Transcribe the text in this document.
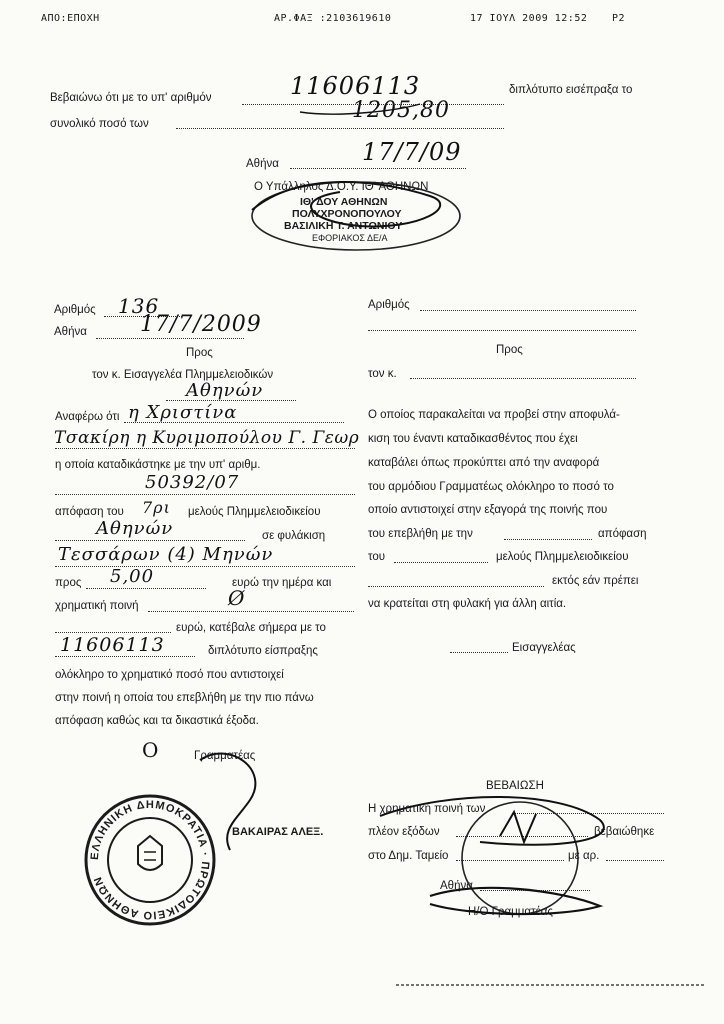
ΑΠΟ:ΕΠΟΧΗ	ΑΡ.ΦΑΞ :2103619610	17 ΙΟΥΛ 2009 12:52 P2
Βεβαιώνω ότι με το υπ' αριθμόν	11606113	διπλότυπο εισέπραξα το
συνολικό ποσό των
1205,80
Αθήνα	17/7/09
Ο Υπάλληλος Δ.Ο.Υ. ΙΘ' ΑΘΗΝΩΝ
ΙΘ' ΔΟΥ ΑΘΗΝΩΝ
ΠΟΛΥΧΡΟΝΟΠΟΥΛΟΥ
ΒΑΣΙΛΙΚΗ Τ. ΑΝΤΩΝΙΟΥ
ΕΦΟΡΙΑΚΟΣ ΔΕ/Α
Αριθμός 136
Αθήνα 17/7/2009
Προς
τον κ. Εισαγγελέα Πλημμελειοδικών
Αθηνών
Αναφέρω ότι η Χριστίνα
Τσακίρη η Κυριμοπούλου Γ. Γεωρ
η οποία καταδικάστηκε με την υπ' αριθμ.
50392/07
απόφαση του 7ρι μελούς Πλημμελειοδικείου
Αθηνών	σε φυλάκιση
Τεσσάρων (4) Μηνών
προς 5,00	ευρώ την ημέρα και
χρηματική ποινή	Ø
ευρώ, κατέβαλε σήμερα με το
11606113	διπλότυπο είσπραξης
ολόκληρο το χρηματικό ποσό που αντιστοιχεί
στην ποινή η οποία του επεβλήθη με την πιο πάνω
απόφαση καθώς και τα δικαστικά έξοδα.
Ο	Γραμματέας
ΒΑΚΑΙΡΑΣ ΑΛΕΞ.
Αριθμός
Προς
τον κ.
Ο οποίος παρακαλείται να προβεί στην αποφυλά-
κιση του έναντι καταδικασθέντος που έχει
καταβάλει όπως προκύπτει από την αναφορά
του αρμόδιου Γραμματέως ολόκληρο το ποσό το
οποίο αντιστοιχεί στην εξαγορά της ποινής που
του επεβλήθη με την	απόφαση
του	μελούς Πλημμελειοδικείου
εκτός εάν πρέπει
να κρατείται στη φυλακή για άλλη αιτία.
Εισαγγελέας
ΒΕΒΑΙΩΣΗ
Η χρηματική ποινή των
πλέον εξόδων	βεβαιώθηκε
στο Δημ. Ταμείο	με αρ.
Αθήνα
Η/Ο Γραμματέας
ΕΛΛΗΝΙΚΗ ΔΗΜΟΚΡΑΤΙΑ · ΠΡΩΤΟΔΙΚΕΙΟ ΑΘΗΝΩΝ
